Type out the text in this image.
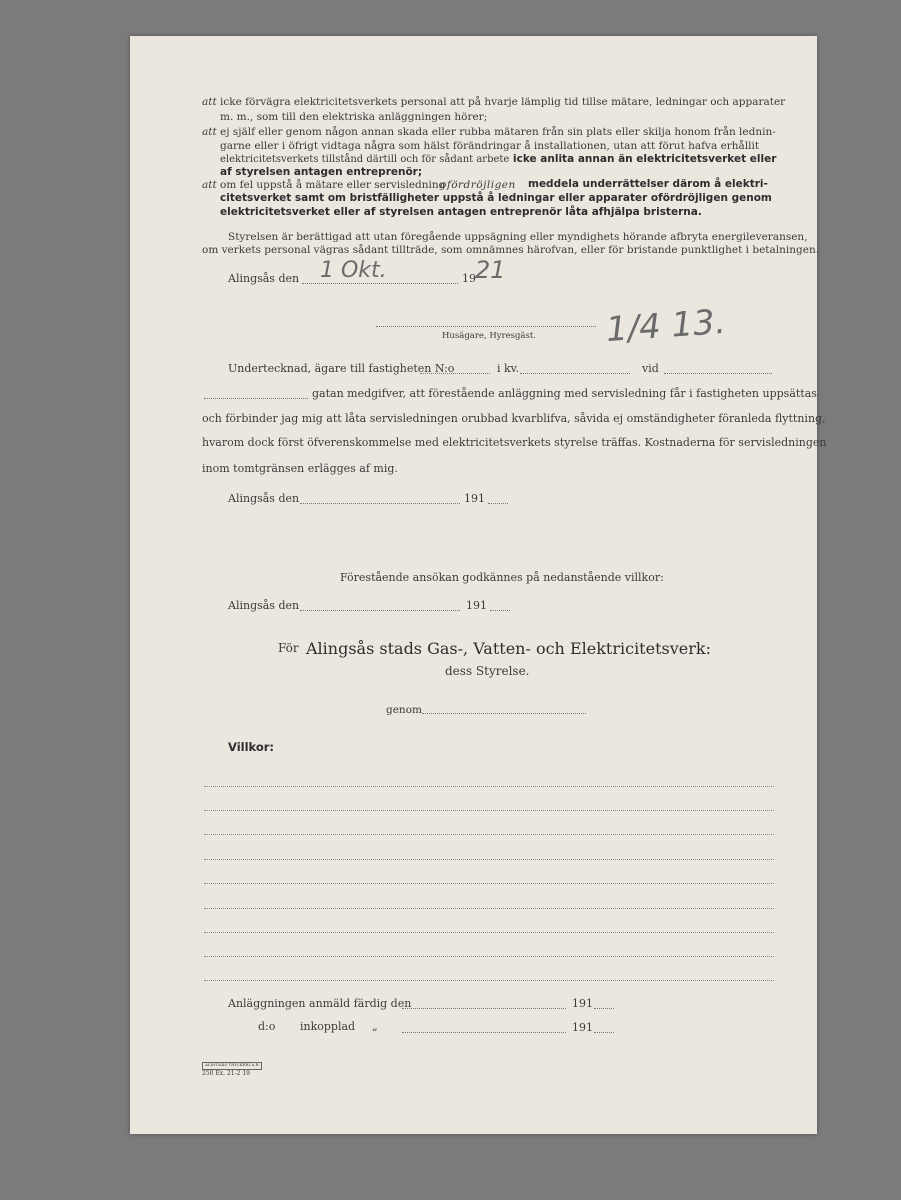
att icke förvägra elektricitetsverkets personal att på hvarje lämplig tid tillse mätare, ledningar och apparater
m. m., som till den elektriska anläggningen hörer;
att ej själf eller genom någon annan skada eller rubba mätaren från sin plats eller skilja honom från lednin-
garne eller i öfrigt vidtaga några som hälst förändringar å installationen, utan att förut hafva erhållit
elektricitetsverkets tillstånd därtill och för sådant arbete icke anlita annan än elektricitetsverket eller
af styrelsen antagen entreprenör;
att om fel uppstå å mätare eller servisledning
ofördröjligen meddela underrättelser därom å elektri-
citetsverket samt om bristfälligheter uppstå å ledningar eller apparater ofördröjligen genom
elektricitetsverket eller af styrelsen antagen entreprenör låta afhjälpa bristerna.
Styrelsen är berättigad att utan föregående uppsägning eller myndighets hörande afbryta energileveransen,
om verkets personal vägras sådant tillträde, som omnämnes härofvan, eller för bristande punktlighet i betalningen.
Alingsås den 1 Okt.	19 21
Husägare, Hyresgäst. 1/4 13.
Undertecknad, ägare till fastigheten N:o	i kv.	vid
gatan medgifver, att förestående anläggning med servisledning får i fastigheten uppsättas
och förbinder jag mig att låta servisledningen orubbad kvarblifva, såvida ej omständigheter föranleda flyttning,
hvarom dock först öfverenskommelse med elektricitetsverkets styrelse träffas. Kostnaderna för servisledningen
inom tomtgränsen erlägges af mig.
Alingsås den	191
Förestående ansökan godkännes på nedanstående villkor:
Alingsås den	191
För Alingsås stads Gas-, Vatten- och Elektricitetsverk:
dess Styrelse.
genom
Villkor:
Anläggningen anmäld färdig den	191
d:o inkopplad „	191
ALINGSÅS TRYCKERI A.B.
250 Ex. 21-2 19
